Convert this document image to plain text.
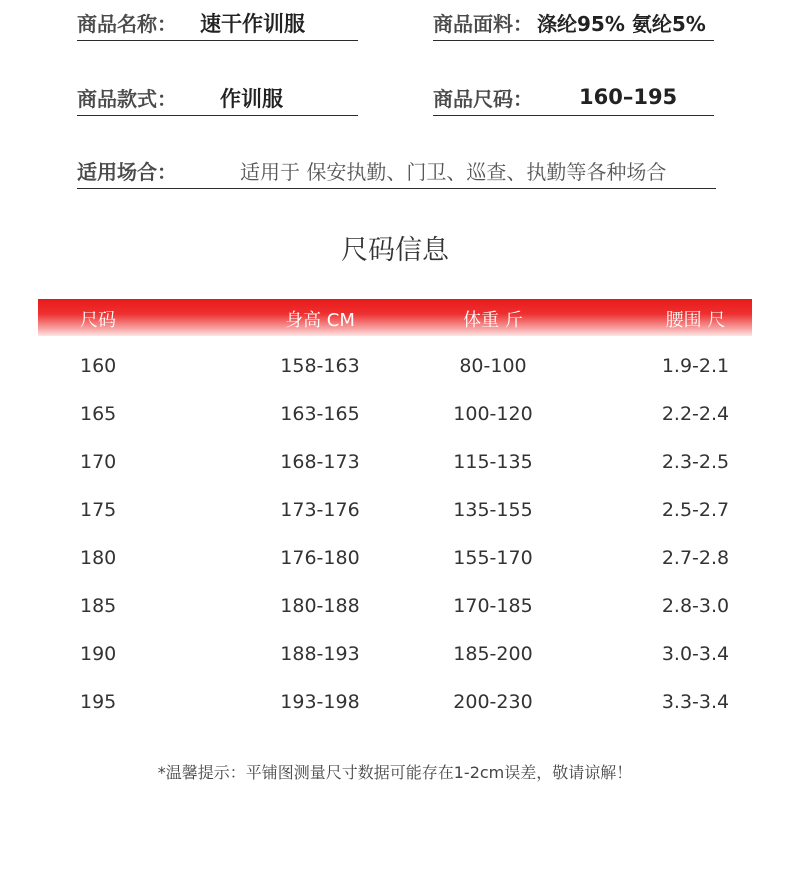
商品名称： 速干作训服	商品面料： 涤纶95% 氨纶5%
商品款式： 作训服	商品尺码： 160–195
适用场合：	适用于 保安执勤、门卫、巡查、执勤等各种场合
尺码信息
尺码	身高 CM	体重 斤	腰围 尺
160	158-163	80-100	1.9-2.1
165	163-165	100-120	2.2-2.4
170	168-173	115-135	2.3-2.5
175	173-176	135-155	2.5-2.7
180	176-180	155-170	2.7-2.8
185	180-188	170-185	2.8-3.0
190	188-193	185-200	3.0-3.4
195	193-198	200-230	3.3-3.4
*温馨提示：平铺图测量尺寸数据可能存在1-2cm误差，敬请谅解！
